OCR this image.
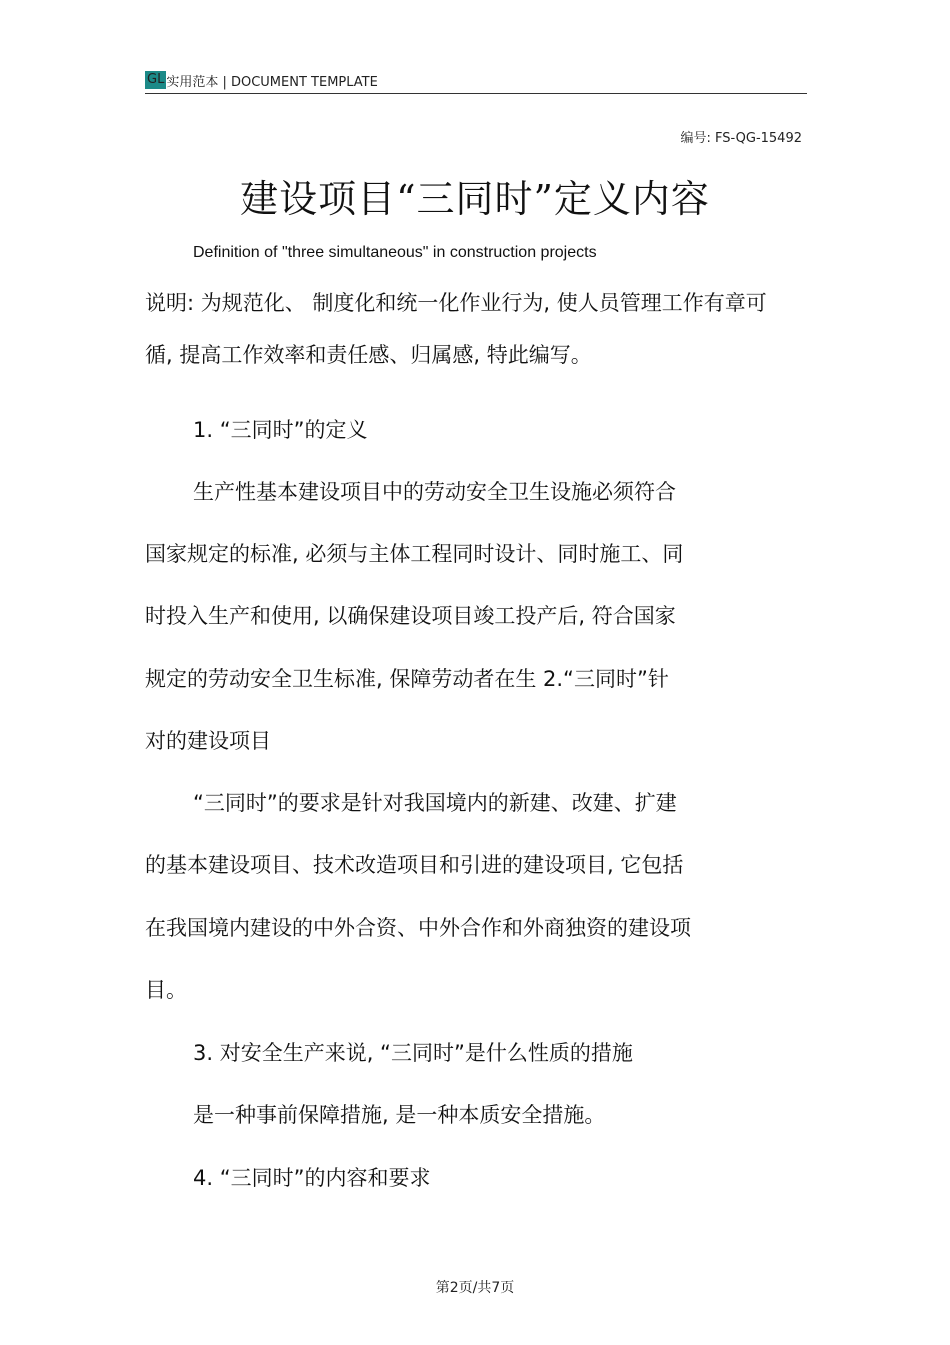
GL 实用范本 | DOCUMENT TEMPLATE
编号: FS-QG-15492
建设项目“三同时”定义内容
Definition of "three simultaneous" in construction projects
说明: 为规范化、 制度化和统一化作业行为, 使人员管理工作有章可
循, 提高工作效率和责任感、归属感, 特此编写。
1. “三同时”的定义
生产性基本建设项目中的劳动安全卫生设施必须符合
国家规定的标准, 必须与主体工程同时设计、同时施工、同
时投入生产和使用, 以确保建设项目竣工投产后, 符合国家
规定的劳动安全卫生标准, 保障劳动者在生 2.“三同时”针
对的建设项目
“三同时”的要求是针对我国境内的新建、改建、扩建
的基本建设项目、技术改造项目和引进的建设项目, 它包括
在我国境内建设的中外合资、中外合作和外商独资的建设项
目。
3. 对安全生产来说, “三同时”是什么性质的措施
是一种事前保障措施, 是一种本质安全措施。
4. “三同时”的内容和要求
第2页/共7页
